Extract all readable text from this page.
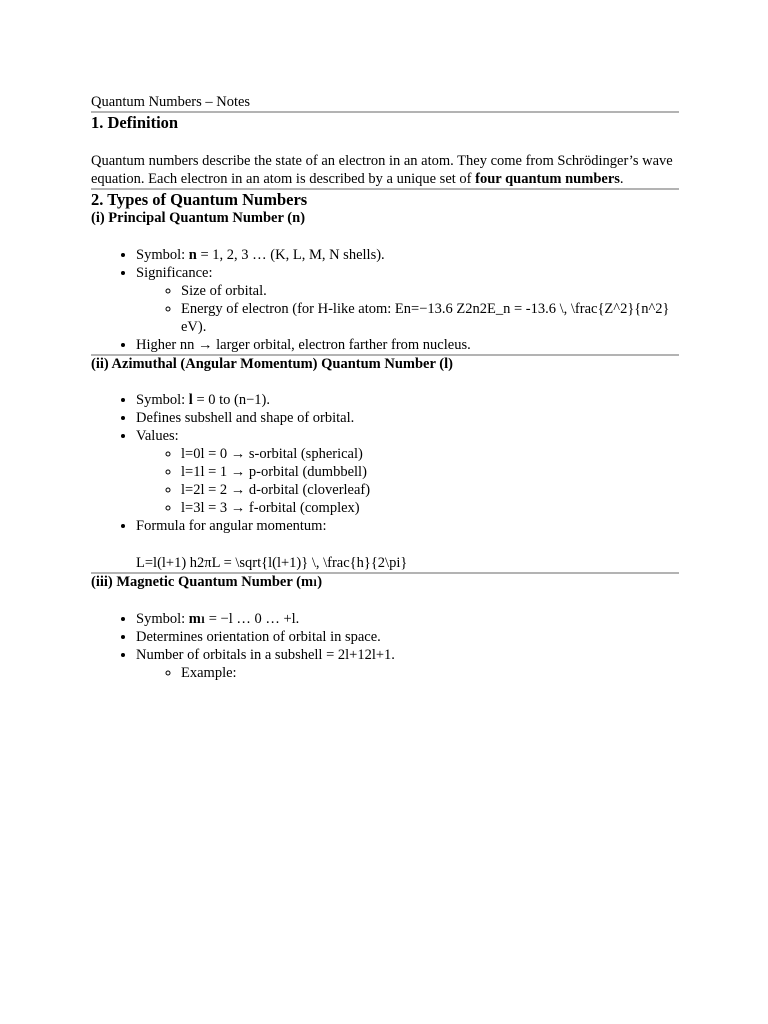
Quantum Numbers – Notes

1. Definition

Quantum numbers describe the state of an electron in an atom. They come from Schrödinger’s wave equation. Each electron in an atom is described by a unique set of four quantum numbers.

2. Types of Quantum Numbers
(i) Principal Quantum Number (n)
• Symbol: n = 1, 2, 3 … (K, L, M, N shells).
• Significance:
◦ Size of orbital.
◦ Energy of electron (for H-like atom: En=−13.6 Z2n2E_n = -13.6 \, \frac{Z^2}{n^2} eV).
• Higher nn → larger orbital, electron farther from nucleus.
(ii) Azimuthal (Angular Momentum) Quantum Number (l)
• Symbol: l = 0 to (n−1).
• Defines subshell and shape of orbital.
• Values:
◦ l=0l = 0 → s-orbital (spherical)
◦ l=1l = 1 → p-orbital (dumbbell)
◦ l=2l = 2 → d-orbital (cloverleaf)
◦ l=3l = 3 → f-orbital (complex)
• Formula for angular momentum:
L=l(l+1) h2πL = \sqrt{l(l+1)} \, \frac{h}{2\pi}
(iii) Magnetic Quantum Number (mₗ)
• Symbol: mₗ = −l … 0 … +l.
• Determines orientation of orbital in space.
• Number of orbitals in a subshell = 2l+12l+1.
◦ Example:
